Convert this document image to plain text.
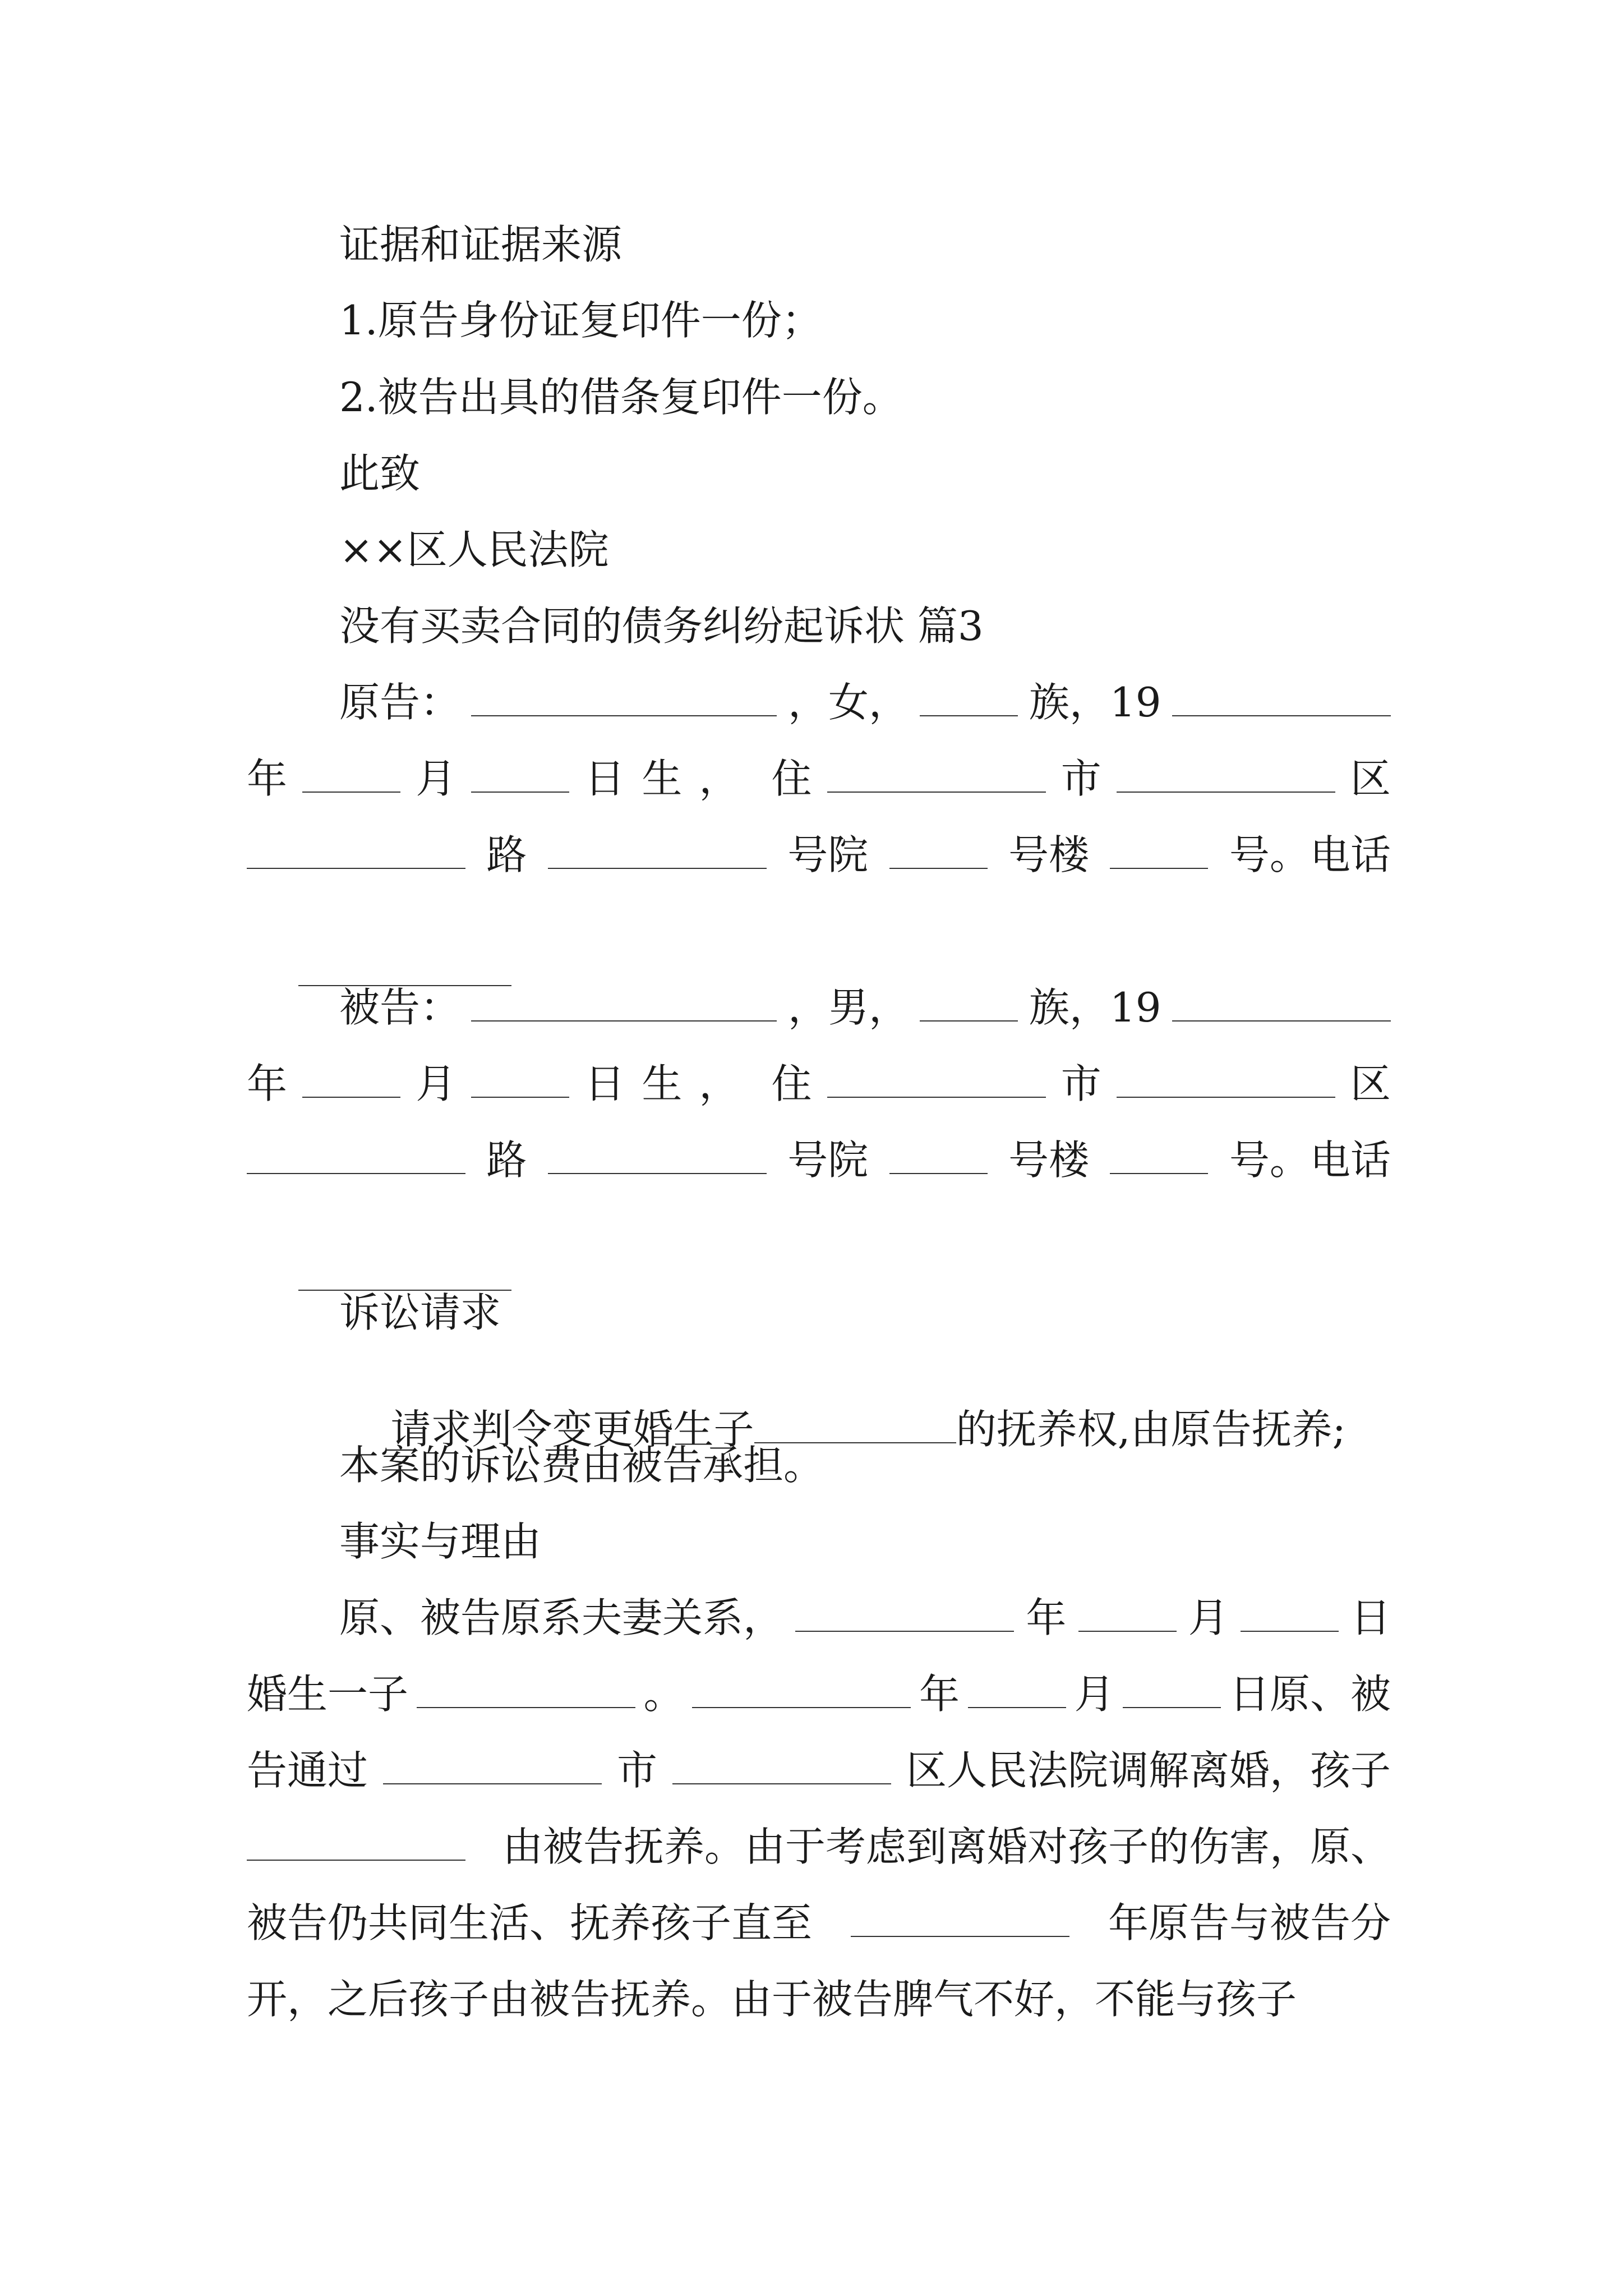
证据和证据来源
1.原告身份证复印件一份；
2.被告出具的借条复印件一份。
此致
××区人民法院
没有买卖合同的债务纠纷起诉状 篇3
原告：	，女，	族，19
年	月	日生， 住	市	区
路	号院	号楼	号。电话

被告：	，男，	族，19
年	月	日生， 住	市	区
路	号院	号楼	号。电话

诉讼请求

请求判令变更婚生子	的抚养权,由原告抚养;

本案的诉讼费由被告承担。
事实与理由
原、被告原系夫妻关系，	年	月	日
婚生一子	。	年	月	日原、被
告通过	市	区人民法院调解离婚，孩子
由被告抚养。由于考虑到离婚对孩子的伤害，原、
被告仍共同生活、抚养孩子直至	年原告与被告分
开，之后孩子由被告抚养。由于被告脾气不好，不能与孩子
